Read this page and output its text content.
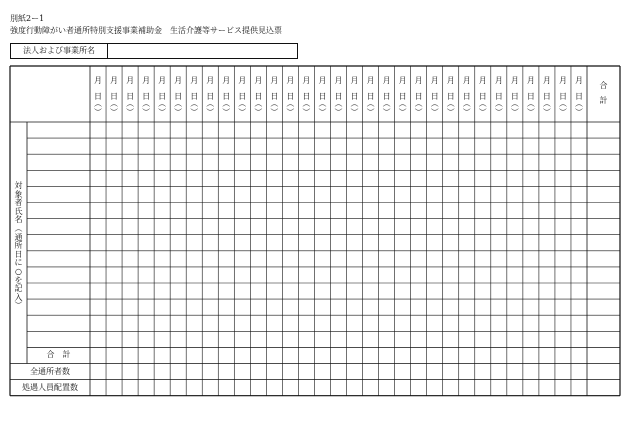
別紙2ー1
強度行動障がい者通所特別支援事業補助金　生活介護等サービス提供見込票
法人および事業所名
月
日
︵
︶
月
日
︵
︶
月
日
︵
︶
月
日
︵
︶
月
日
︵
︶
月
日
︵
︶
月
日
︵
︶
月
日
︵
︶
月
日
︵
︶
月
日
︵
︶
月
日
︵
︶
月
日
︵
︶
月
日
︵
︶
月
日
︵
︶
月
日
︵
︶
月
日
︵
︶
月
日
︵
︶
月
日
︵
︶
月
日
︵
︶
月
日
︵
︶
月
日
︵
︶
月
日
︵
︶
月
日
︵
︶
月
日
︵
︶
月
日
︵
︶
月
日
︵
︶
月
日
︵
︶
月
日
︵
︶
月
日
︵
︶
月
日
︵
︶
月
日
︵
︶
合
計
対
象
者
氏
名
︵
通
所
日
に
○
を
記
入
︶
合　計
全通所者数
処遇人員配置数
